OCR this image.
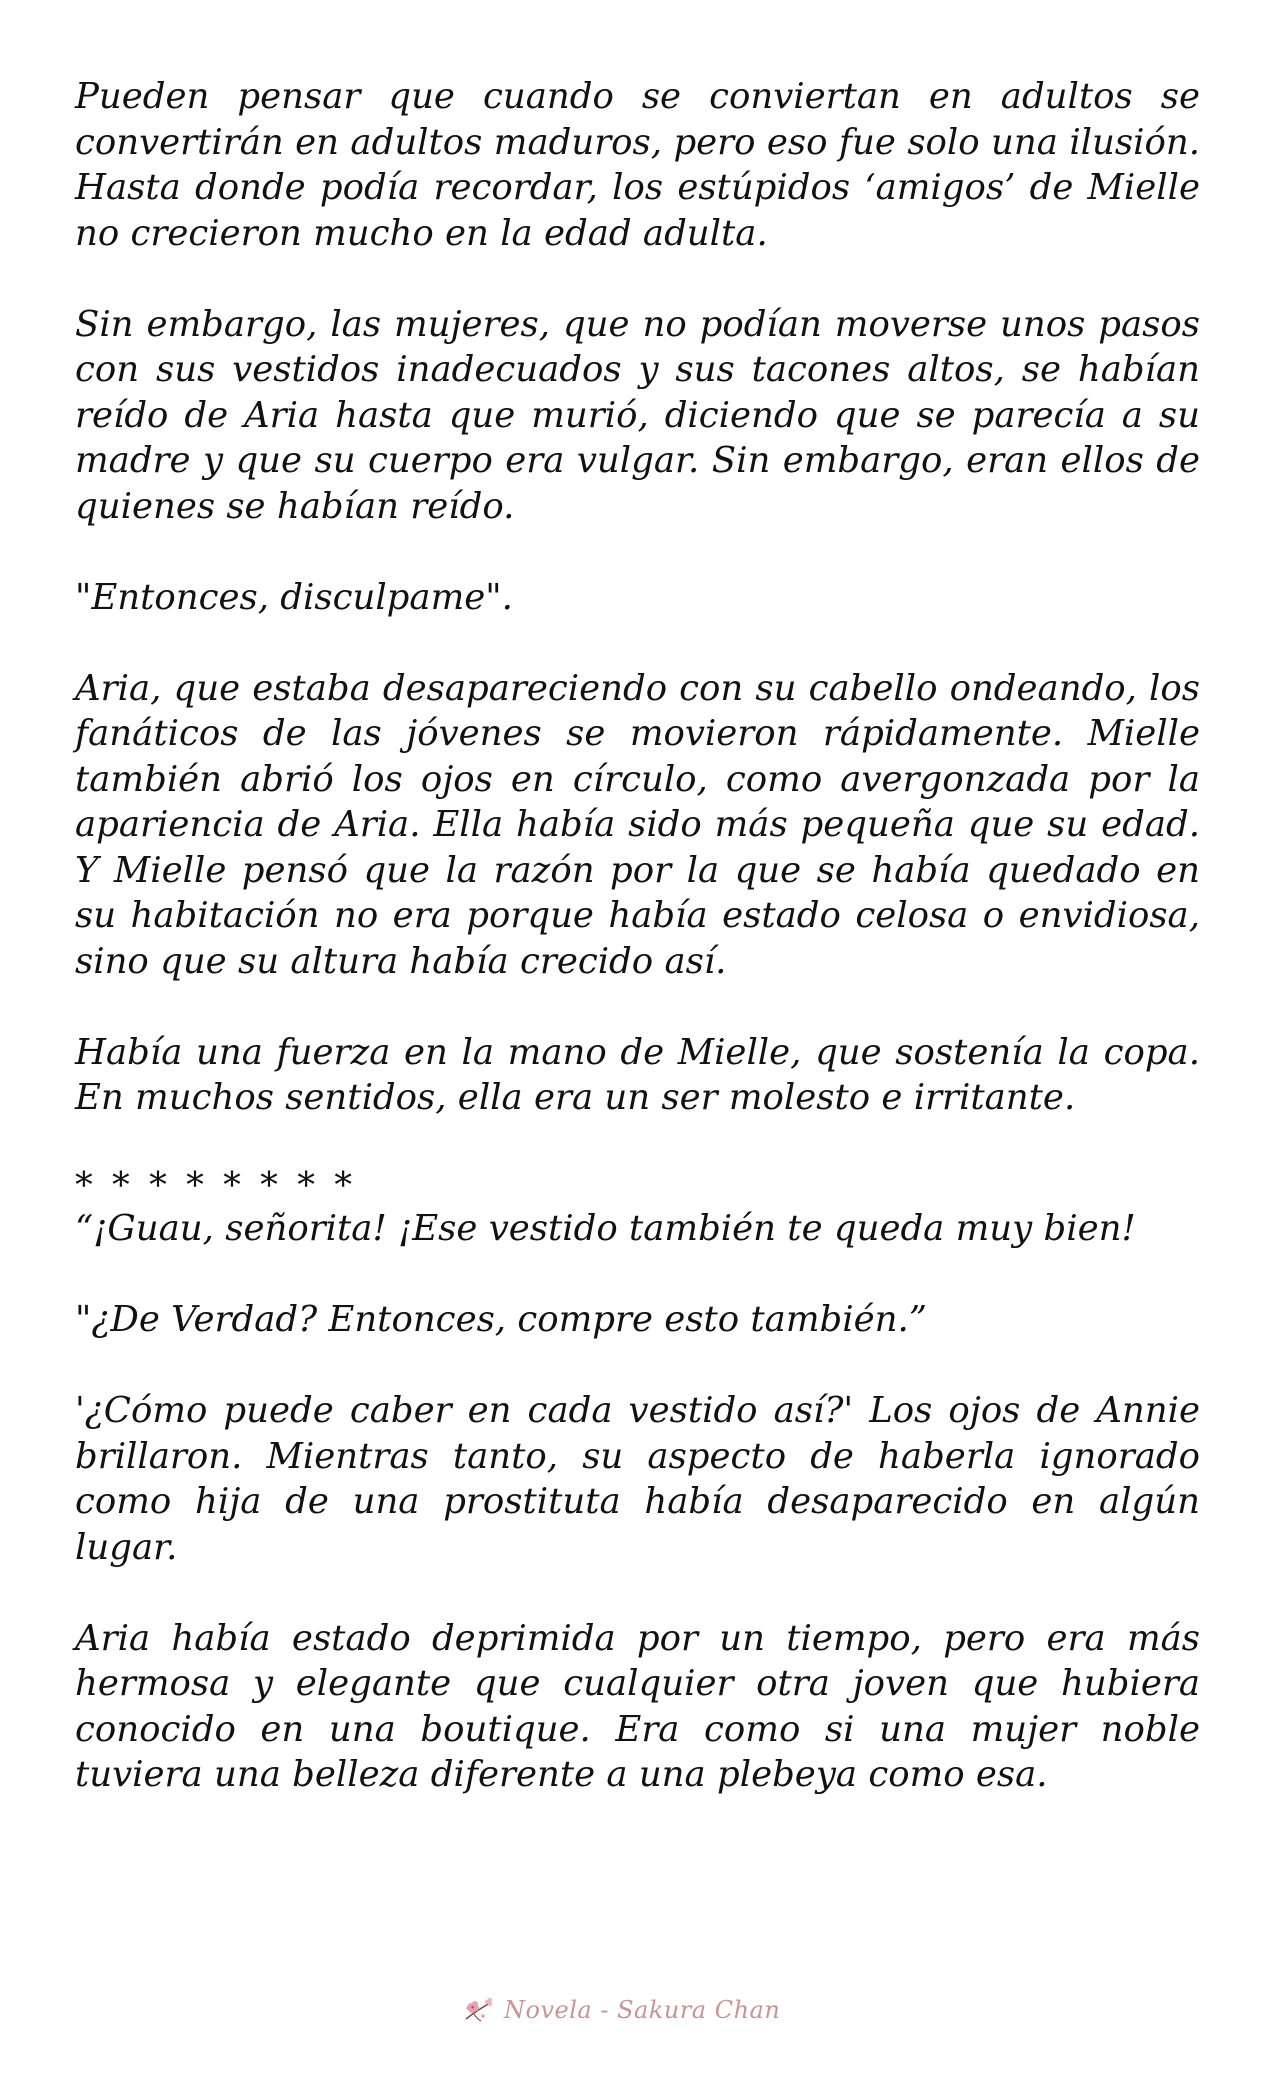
Pueden pensar que cuando se conviertan en adultos se convertirán en adultos maduros, pero eso fue solo una ilusión. Hasta donde podía recordar, los estúpidos ‘amigos’ de Mielle no crecieron mucho en la edad adulta.

Sin embargo, las mujeres, que no podían moverse unos pasos con sus vestidos inadecuados y sus tacones altos, se habían reído de Aria hasta que murió, diciendo que se parecía a su madre y que su cuerpo era vulgar. Sin embargo, eran ellos de quienes se habían reído.

"Entonces, disculpame".

Aria, que estaba desapareciendo con su cabello ondeando, los fanáticos de las jóvenes se movieron rápidamente. Mielle también abrió los ojos en círculo, como avergonzada por la apariencia de Aria. Ella había sido más pequeña que su edad. Y Mielle pensó que la razón por la que se había quedado en su habitación no era porque había estado celosa o envidiosa, sino que su altura había crecido así.

Había una fuerza en la mano de Mielle, que sostenía la copa. En muchos sentidos, ella era un ser molesto e irritante.

* * * * * * * *

“¡Guau, señorita! ¡Ese vestido también te queda muy bien!

"¿De Verdad? Entonces, compre esto también.”

'¿Cómo puede caber en cada vestido así?' Los ojos de Annie brillaron. Mientras tanto, su aspecto de haberla ignorado como hija de una prostituta había desaparecido en algún lugar.

Aria había estado deprimida por un tiempo, pero era más hermosa y elegante que cualquier otra joven que hubiera conocido en una boutique. Era como si una mujer noble tuviera una belleza diferente a una plebeya como esa.

Novela - Sakura Chan
